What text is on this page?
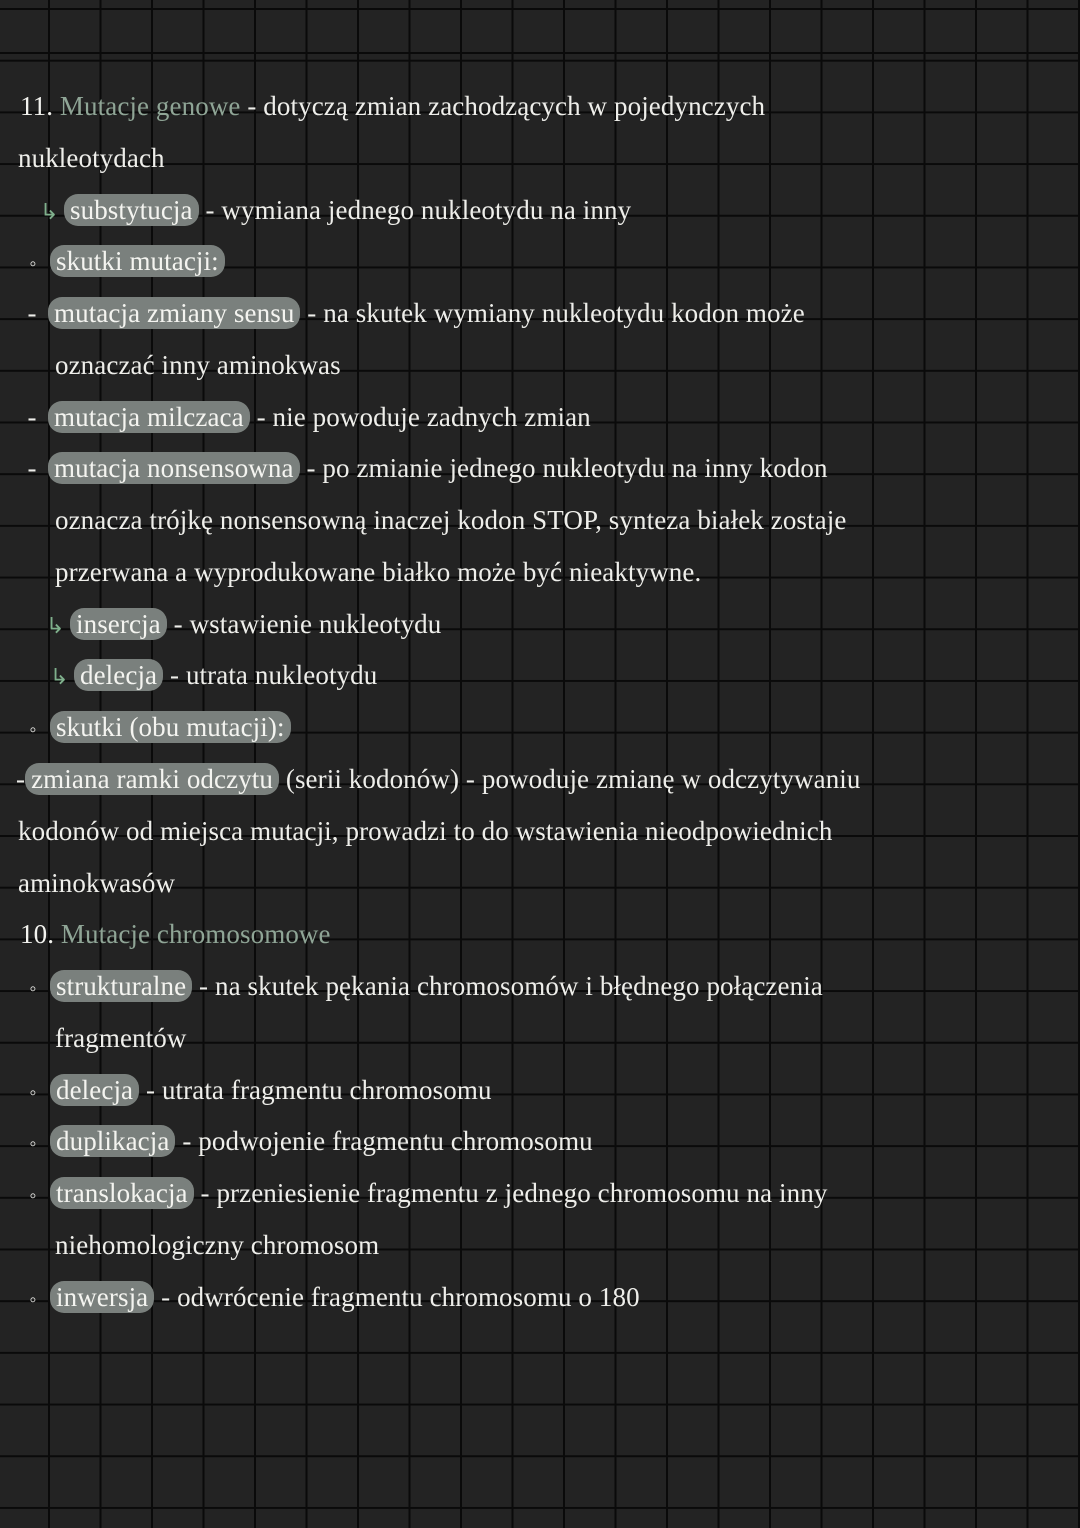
11. Mutacje genowe - dotyczą zmian zachodzących w pojedynczych
nukleotydach
↳ substytucja - wymiana jednego nukleotydu na inny
◦ skutki mutacji:
- mutacja zmiany sensu - na skutek wymiany nukleotydu kodon może
oznaczać inny aminokwas
- mutacja milczaca - nie powoduje zadnych zmian
- mutacja nonsensowna - po zmianie jednego nukleotydu na inny kodon
oznacza trójkę nonsensowną inaczej kodon STOP, synteza białek zostaje
przerwana a wyprodukowane białko może być nieaktywne.
↳ insercja - wstawienie nukleotydu
↳ delecja - utrata nukleotydu
◦ skutki (obu mutacji):
- zmiana ramki odczytu (serii kodonów) - powoduje zmianę w odczytywaniu
kodonów od miejsca mutacji, prowadzi to do wstawienia nieodpowiednich
aminokwasów
10. Mutacje chromosomowe
◦ strukturalne - na skutek pękania chromosomów i błędnego połączenia
fragmentów
◦ delecja - utrata fragmentu chromosomu
◦ duplikacja - podwojenie fragmentu chromosomu
◦ translokacja - przeniesienie fragmentu z jednego chromosomu na inny
niehomologiczny chromosom
◦ inwersja - odwrócenie fragmentu chromosomu o 180
